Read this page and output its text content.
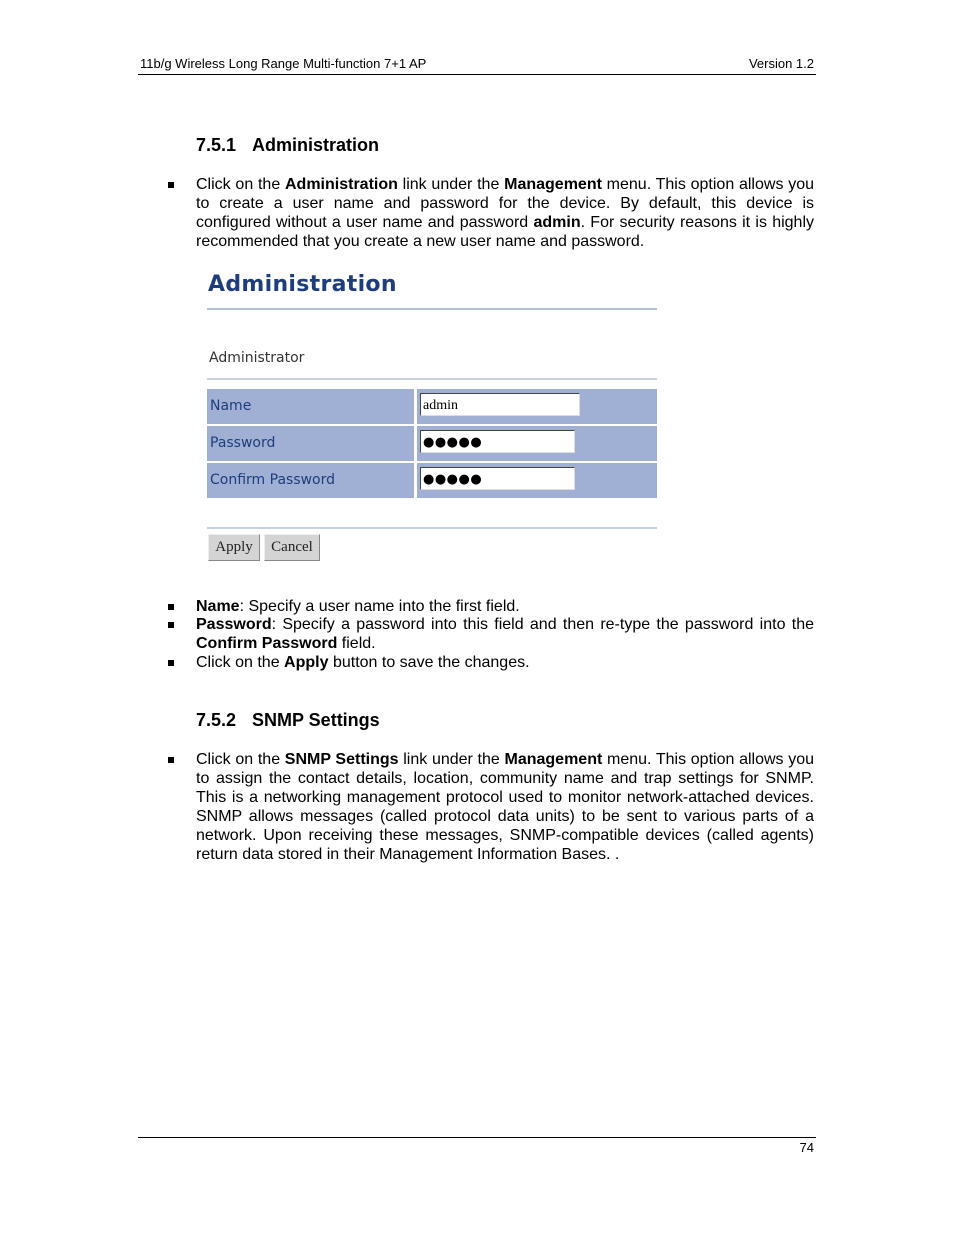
11b/g Wireless Long Range Multi-function 7+1 AP	Version 1.2
7.5.1 Administration
Click on the Administration link under the Management menu. This option allows you to create a user name and password for the device. By default, this device is configured without a user name and password admin. For security reasons it is highly recommended that you create a new user name and password.
Administration
Administrator
Name	admin
Password	●●●●●
Confirm Password	●●●●●
Apply	Cancel
Name: Specify a user name into the first field.
Password: Specify a password into this field and then re-type the password into the Confirm Password field.
Click on the Apply button to save the changes.
7.5.2 SNMP Settings
Click on the SNMP Settings link under the Management menu. This option allows you to assign the contact details, location, community name and trap settings for SNMP. This is a networking management protocol used to monitor network-attached devices. SNMP allows messages (called protocol data units) to be sent to various parts of a network. Upon receiving these messages, SNMP-compatible devices (called agents) return data stored in their Management Information Bases. .
74
